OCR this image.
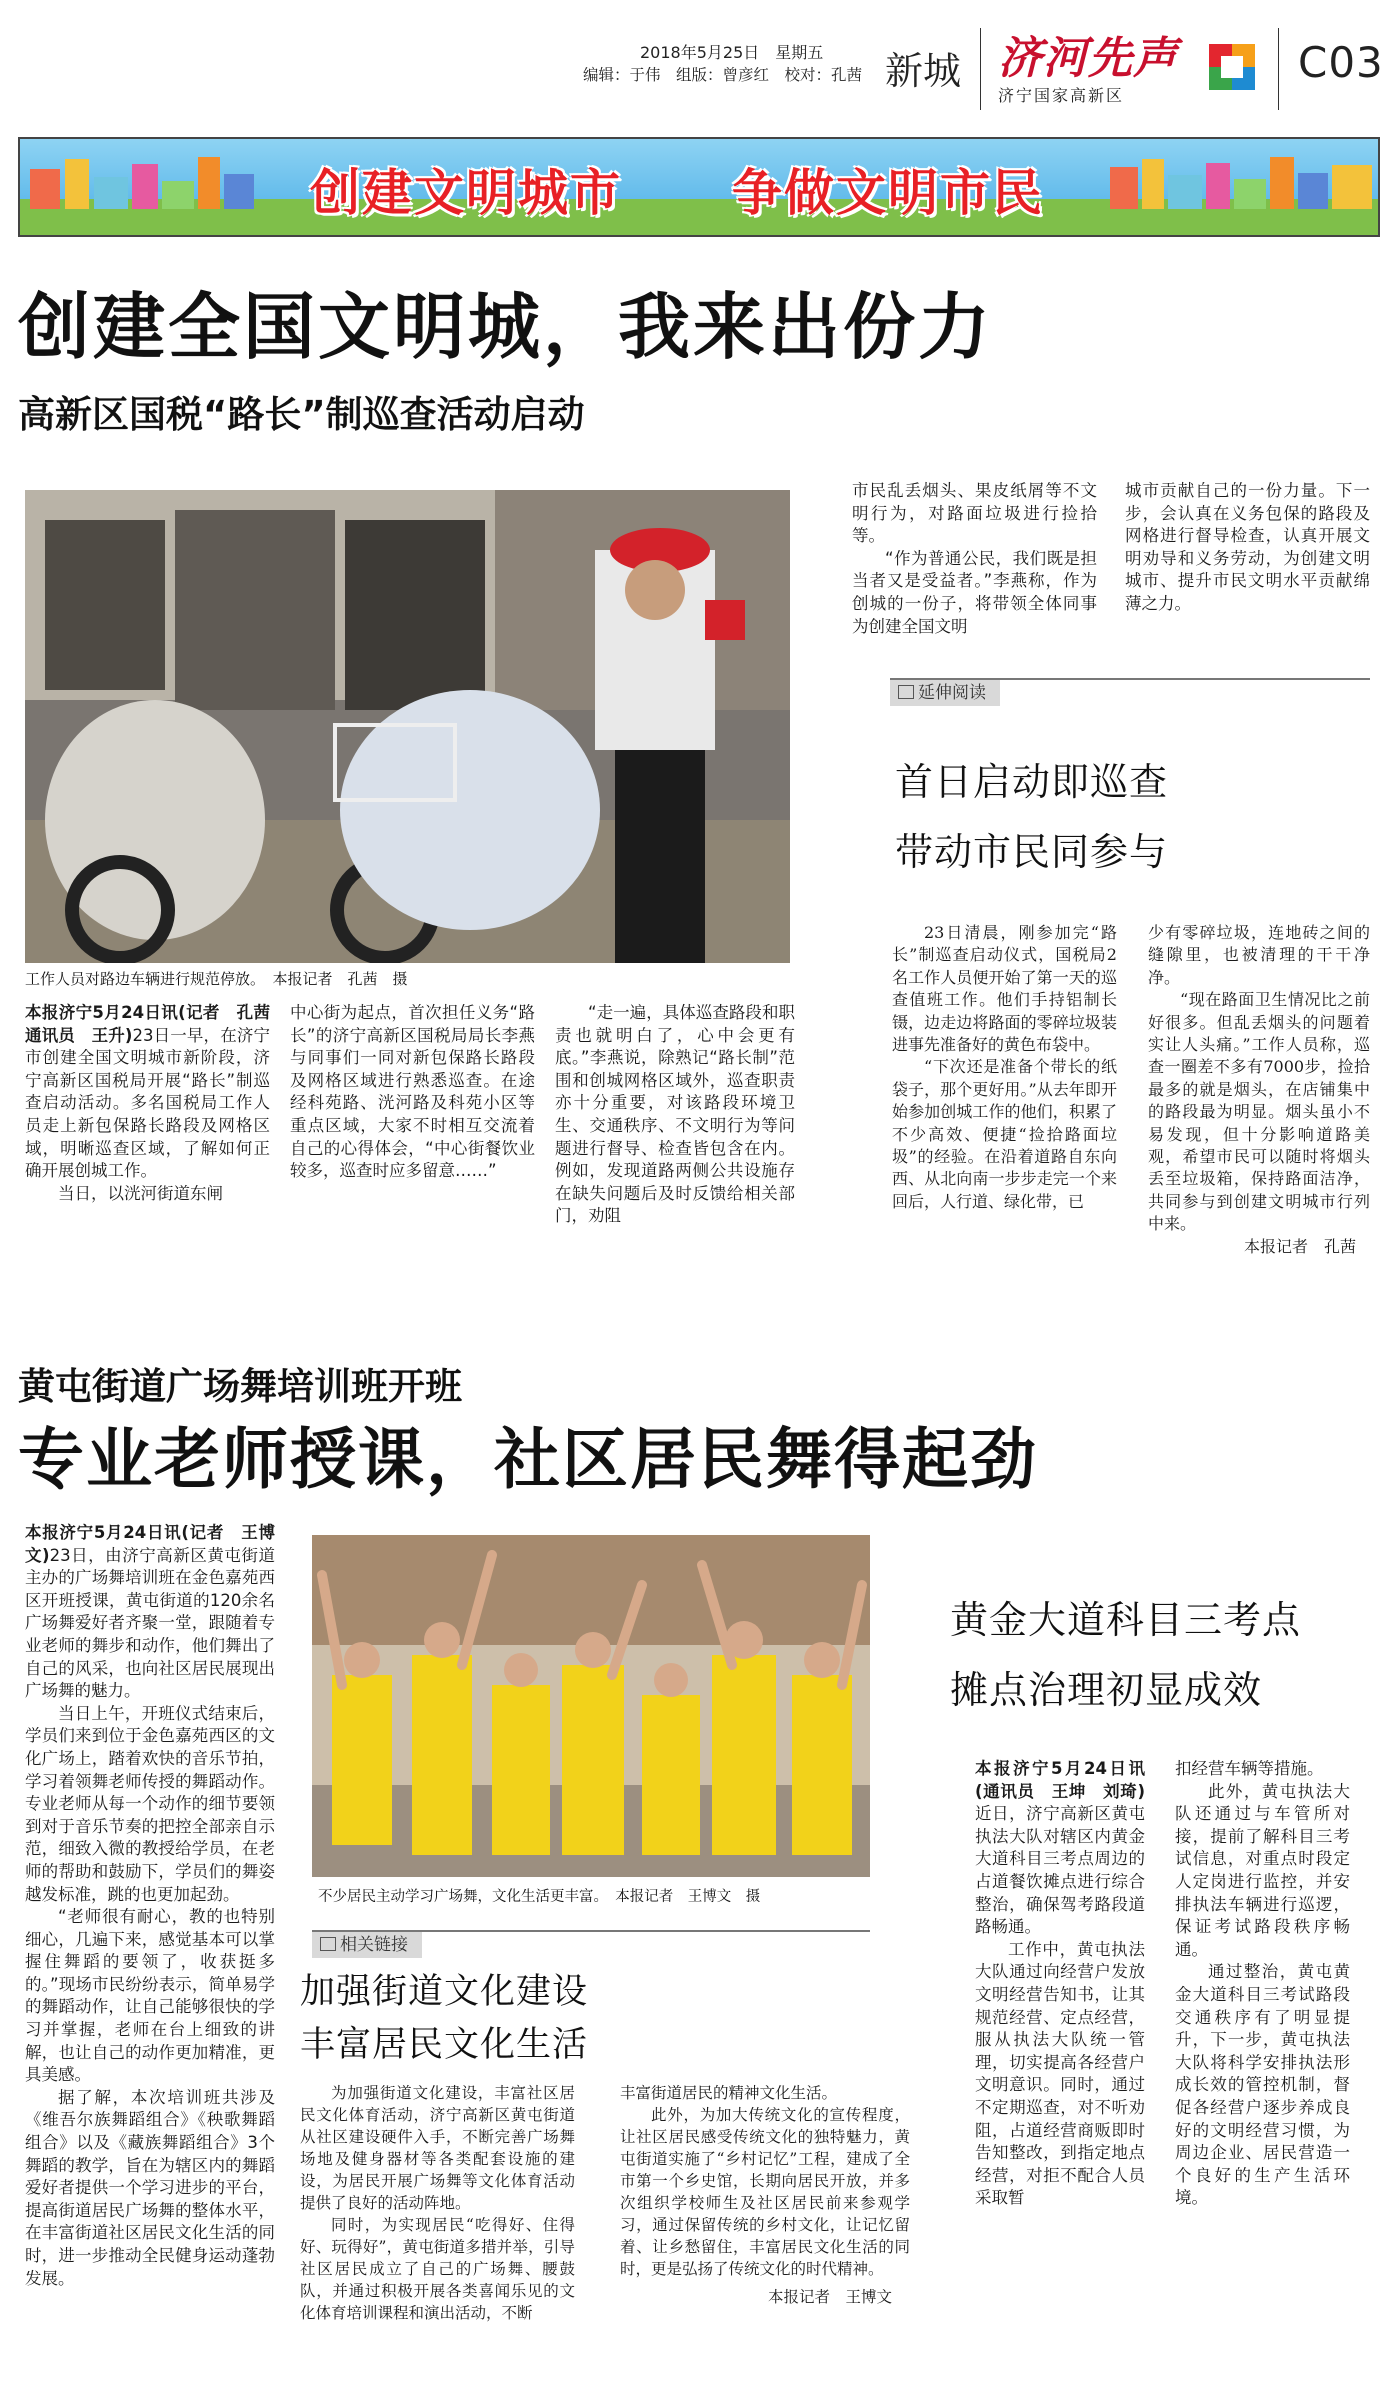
2018年5月25日　星期五
编辑：于伟　组版：曾彦红　校对：孔茜 新城 济河先声
济宁国家高新区
C03
创建文明城市 争做文明市民
创建全国文明城，我来出份力
高新区国税“路长”制巡查活动启动
工作人员对路边车辆进行规范停放。　本报记者　孔茜　摄

本报济宁5月24日讯(记者　孔茜　通讯员　王升)23日一早，在济宁市创建全国文明城市新阶段，济宁高新区国税局开展“路长”制巡查启动活动。多名国税局工作人员走上新包保路长路段及网格区域，明晰巡查区域，了解如何正确开展创城工作。

当日，以洸河街道东闸

中心街为起点，首次担任义务“路长”的济宁高新区国税局局长李燕与同事们一同对新包保路长路段及网格区域进行熟悉巡查。在途经科苑路、洸河路及科苑小区等重点区域，大家不时相互交流着自己的心得体会，“中心街餐饮业较多，巡查时应多留意……”

“走一遍，具体巡查路段和职责也就明白了，心中会更有底。”李燕说，除熟记“路长制”范围和创城网格区域外，巡查职责亦十分重要，对该路段环境卫生、交通秩序、不文明行为等问题进行督导、检查皆包含在内。例如，发现道路两侧公共设施存在缺失问题后及时反馈给相关部门，劝阻

市民乱丢烟头、果皮纸屑等不文明行为，对路面垃圾进行捡拾等。

“作为普通公民，我们既是担当者又是受益者。”李燕称，作为创城的一份子，将带领全体同事为创建全国文明

城市贡献自己的一份力量。下一步，会认真在义务包保的路段及网格进行督导检查，认真开展文明劝导和义务劳动，为创建文明城市、提升市民文明水平贡献绵薄之力。

延伸阅读
首日启动即巡查
带动市民同参与

23日清晨，刚参加完“路长”制巡查启动仪式，国税局2名工作人员便开始了第一天的巡查值班工作。他们手持铝制长镊，边走边将路面的零碎垃圾装进事先准备好的黄色布袋中。

“下次还是准备个带长的纸袋子，那个更好用。”从去年即开始参加创城工作的他们，积累了不少高效、便捷“捡拾路面垃圾”的经验。在沿着道路自东向西、从北向南一步步走完一个来回后，人行道、绿化带，已

少有零碎垃圾，连地砖之间的缝隙里，也被清理的干干净净。

“现在路面卫生情况比之前好很多。但乱丢烟头的问题着实让人头痛。”工作人员称，巡查一圈差不多有7000步，捡拾最多的就是烟头，在店铺集中的路段最为明显。烟头虽小不易发现，但十分影响道路美观，希望市民可以随时将烟头丢至垃圾箱，保持路面洁净，共同参与到创建文明城市行列中来。

本报记者　孔茜
黄屯街道广场舞培训班开班
专业老师授课，社区居民舞得起劲

本报济宁5月24日讯(记者　王博文)23日，由济宁高新区黄屯街道主办的广场舞培训班在金色嘉苑西区开班授课，黄屯街道的120余名广场舞爱好者齐聚一堂，跟随着专业老师的舞步和动作，他们舞出了自己的风采，也向社区居民展现出广场舞的魅力。

当日上午，开班仪式结束后，学员们来到位于金色嘉苑西区的文化广场上，踏着欢快的音乐节拍，学习着领舞老师传授的舞蹈动作。专业老师从每一个动作的细节要领到对于音乐节奏的把控全部亲自示范，细致入微的教授给学员，在老师的帮助和鼓励下，学员们的舞姿越发标准，跳的也更加起劲。

“老师很有耐心，教的也特别细心，几遍下来，感觉基本可以掌握住舞蹈的要领了，收获挺多的。”现场市民纷纷表示，简单易学的舞蹈动作，让自己能够很快的学习并掌握，老师在台上细致的讲解，也让自己的动作更加精准，更具美感。

据了解，本次培训班共涉及《维吾尔族舞蹈组合》《秧歌舞蹈组合》以及《藏族舞蹈组合》3个舞蹈的教学，旨在为辖区内的舞蹈爱好者提供一个学习进步的平台，提高街道居民广场舞的整体水平，在丰富街道社区居民文化生活的同时，进一步推动全民健身运动蓬勃发展。

不少居民主动学习广场舞，文化生活更丰富。　本报记者　王博文　摄
相关链接
加强街道文化建设
丰富居民文化生活

为加强街道文化建设，丰富社区居民文化体育活动，济宁高新区黄屯街道从社区建设硬件入手，不断完善广场舞场地及健身器材等各类配套设施的建设，为居民开展广场舞等文化体育活动提供了良好的活动阵地。

同时，为实现居民“吃得好、住得好、玩得好”，黄屯街道多措并举，引导社区居民成立了自己的广场舞、腰鼓队，并通过积极开展各类喜闻乐见的文化体育培训课程和演出活动，不断

丰富街道居民的精神文化生活。

此外，为加大传统文化的宣传程度，让社区居民感受传统文化的独特魅力，黄屯街道实施了“乡村记忆”工程，建成了全市第一个乡史馆，长期向居民开放，并多次组织学校师生及社区居民前来参观学习，通过保留传统的乡村文化，让记忆留着、让乡愁留住，丰富居民文化生活的同时，更是弘扬了传统文化的时代精神。

本报记者　王博文
黄金大道科目三考点
摊点治理初显成效

本报济宁5月24日讯(通讯员　王坤　刘琦)近日，济宁高新区黄屯执法大队对辖区内黄金大道科目三考点周边的占道餐饮摊点进行综合整治，确保驾考路段道路畅通。

工作中，黄屯执法大队通过向经营户发放文明经营告知书，让其规范经营、定点经营，服从执法大队统一管理，切实提高各经营户文明意识。同时，通过不定期巡查，对不听劝阻，占道经营商贩即时告知整改，到指定地点经营，对拒不配合人员采取暂

扣经营车辆等措施。

此外，黄屯执法大队还通过与车管所对接，提前了解科目三考试信息，对重点时段定人定岗进行监控，并安排执法车辆进行巡逻，保证考试路段秩序畅通。

通过整治，黄屯黄金大道科目三考试路段交通秩序有了明显提升，下一步，黄屯执法大队将科学安排执法形成长效的管控机制，督促各经营户逐步养成良好的文明经营习惯，为周边企业、居民营造一个良好的生产生活环境。
